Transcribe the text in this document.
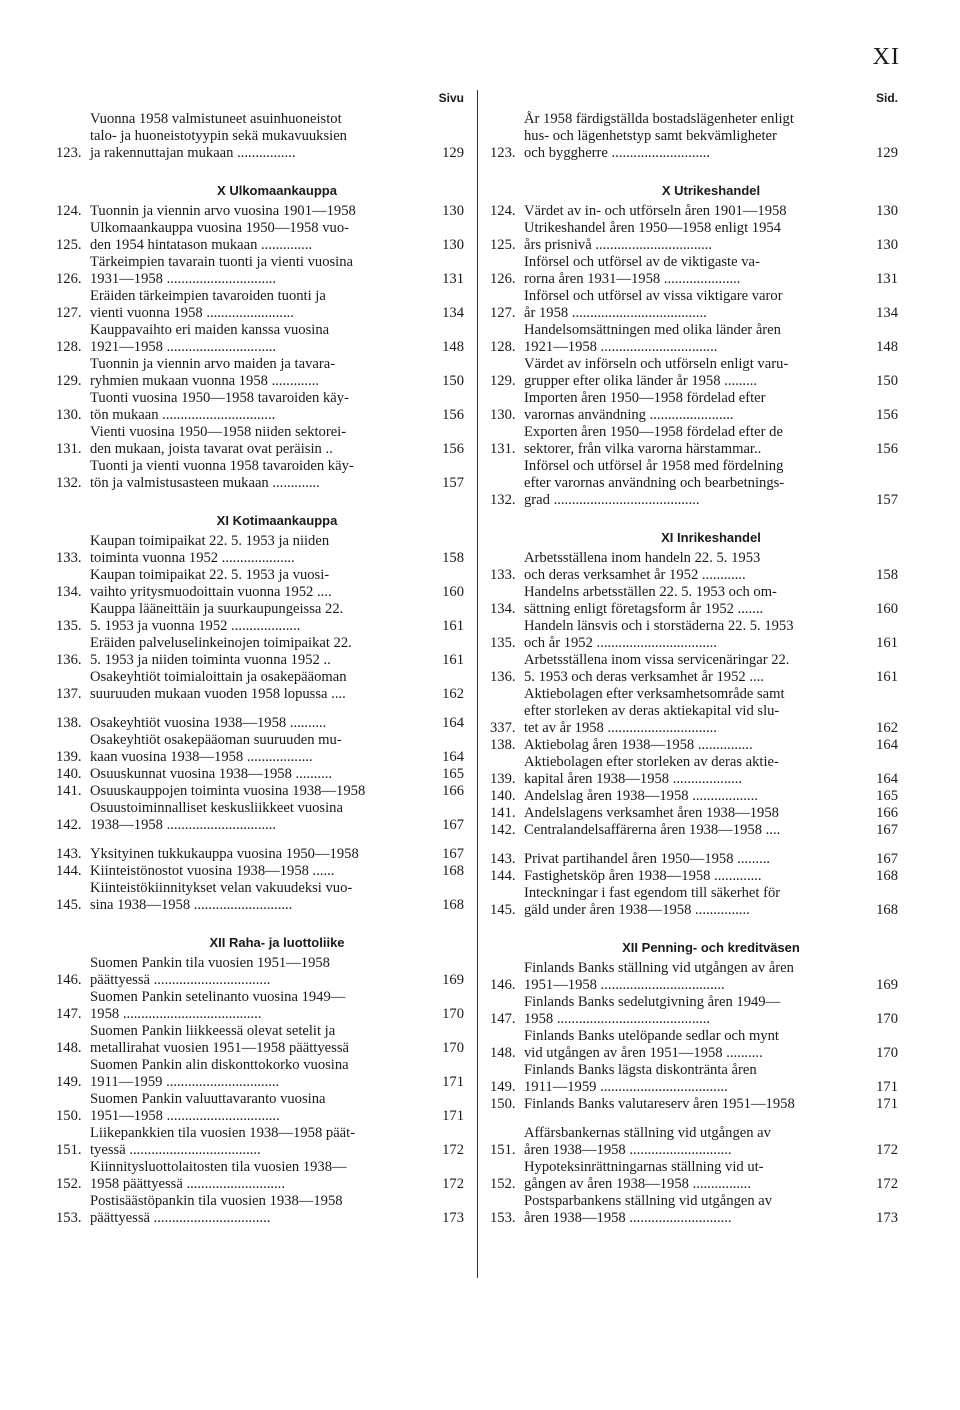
XI
Sivu
123.
Vuonna 1958 valmistuneet asuinhuoneistot
talo- ja huoneistotyypin sekä mukavuuksien
ja rakennuttajan mukaan ................	129
X Ulkomaankauppa
124. Tuonnin ja viennin arvo vuosina 1901—1958	130
125.
Ulkomaankauppa vuosina 1950—1958 vuo-
den 1954 hintatason mukaan ..............	130
126.
Tärkeimpien tavarain tuonti ja vienti vuosina
1931—1958 ..............................	131
127.
Eräiden tärkeimpien tavaroiden tuonti ja
vienti vuonna 1958 ........................	134
128.
Kauppavaihto eri maiden kanssa vuosina
1921—1958 ..............................	148
129.
Tuonnin ja viennin arvo maiden ja tavara-
ryhmien mukaan vuonna 1958 .............	150
130.
Tuonti vuosina 1950—1958 tavaroiden käy-
tön mukaan ...............................	156
131.
Vienti vuosina 1950—1958 niiden sektorei-
den mukaan, joista tavarat ovat peräisin ..	156
132.
Tuonti ja vienti vuonna 1958 tavaroiden käy-
tön ja valmistusasteen mukaan .............	157
XI Kotimaankauppa
133.
Kaupan toimipaikat 22. 5. 1953 ja niiden
toiminta vuonna 1952 ....................	158
134.
Kaupan toimipaikat 22. 5. 1953 ja vuosi-
vaihto yritysmuodoittain vuonna 1952 ....	160
135.
Kauppa lääneittäin ja suurkaupungeissa 22.
5. 1953 ja vuonna 1952 ...................	161
136.
Eräiden palveluselinkeinojen toimipaikat 22.
5. 1953 ja niiden toiminta vuonna 1952 ..	161
137.
Osakeyhtiöt toimialoittain ja osakepääoman
suuruuden mukaan vuoden 1958 lopussa ....	162
138. Osakeyhtiöt vuosina 1938—1958 ..........	164
139.
Osakeyhtiöt osakepääoman suuruuden mu-
kaan vuosina 1938—1958 ..................	164
140. Osuuskunnat vuosina 1938—1958 ..........	165
141. Osuuskauppojen toiminta vuosina 1938—1958	166
142.
Osuustoiminnalliset keskusliikkeet vuosina
1938—1958 ..............................	167
143. Yksityinen tukkukauppa vuosina 1950—1958	167
144. Kiinteistönostot vuosina 1938—1958 ......	168
145.
Kiinteistökiinnitykset velan vakuudeksi vuo-
sina 1938—1958 ...........................	168
XII Raha- ja luottoliike
146.
Suomen Pankin tila vuosien 1951—1958
päättyessä ................................	169
147.
Suomen Pankin setelinanto vuosina 1949—
1958 ......................................	170
148.
Suomen Pankin liikkeessä olevat setelit ja
metallirahat vuosien 1951—1958 päättyessä	170
149.
Suomen Pankin alin diskonttokorko vuosina
1911—1959 ...............................	171
150.
Suomen Pankin valuuttavaranto vuosina
1951—1958 ...............................	171
151.
Liikepankkien tila vuosien 1938—1958 päät-
tyessä ....................................	172
152.
Kiinnitysluottolaitosten tila vuosien 1938—
1958 päättyessä ...........................	172
153.
Postisäästöpankin tila vuosien 1938—1958
päättyessä ................................	173
Sid.
123.
År 1958 färdigställda bostadslägenheter enligt
hus- och lägenhetstyp samt bekvämligheter
och byggherre ...........................	129
X Utrikeshandel
124. Värdet av in- och utförseln åren 1901—1958	130
125.
Utrikeshandel åren 1950—1958 enligt 1954
års prisnivå ................................	130
126.
Införsel och utförsel av de viktigaste va-
rorna åren 1931—1958 .....................	131
127.
Införsel och utförsel av vissa viktigare varor
år 1958 .....................................	134
128.
Handelsomsättningen med olika länder åren
1921—1958 ................................	148
129.
Värdet av införseln och utförseln enligt varu-
grupper efter olika länder år 1958 .........	150
130.
Importen åren 1950—1958 fördelad efter
varornas användning .......................	156
131.
Exporten åren 1950—1958 fördelad efter de
sektorer, från vilka varorna härstammar..	156
132.
Införsel och utförsel år 1958 med fördelning
efter varornas användning och bearbetnings-
grad ........................................	157
XI Inrikeshandel
133.
Arbetsställena inom handeln 22. 5. 1953
och deras verksamhet år 1952 ............	158
134.
Handelns arbetsställen 22. 5. 1953 och om-
sättning enligt företagsform år 1952 .......	160
135.
Handeln länsvis och i storstäderna 22. 5. 1953
och år 1952 .................................	161
136.
Arbetsställena inom vissa servicenäringar 22.
5. 1953 och deras verksamhet år 1952 ....	161
337.
Aktiebolagen efter verksamhetsområde samt
efter storleken av deras aktiekapital vid slu-
tet av år 1958 ..............................	162
138. Aktiebolag åren 1938—1958 ...............	164
139.
Aktiebolagen efter storleken av deras aktie-
kapital åren 1938—1958 ...................	164
140. Andelslag åren 1938—1958 ..................	165
141. Andelslagens verksamhet åren 1938—1958	166
142. Centralandelsaffärerna åren 1938—1958 ....	167
143. Privat partihandel åren 1950—1958 .........	167
144. Fastighetsköp åren 1938—1958 .............	168
145.
Inteckningar i fast egendom till säkerhet för
gäld under åren 1938—1958 ...............	168
XII Penning- och kreditväsen
146.
Finlands Banks ställning vid utgången av åren
1951—1958 ..................................	169
147.
Finlands Banks sedelutgivning åren 1949—
1958 ..........................................	170
148.
Finlands Banks utelöpande sedlar och mynt
vid utgången av åren 1951—1958 ..........	170
149.
Finlands Banks lägsta diskontränta åren
1911—1959 ...................................	171
150. Finlands Banks valutareserv åren 1951—1958	171
151.
Affärsbankernas ställning vid utgången av
åren 1938—1958 ............................	172
152.
Hypoteksinrättningarnas ställning vid ut-
gången av åren 1938—1958 ................	172
153.
Postsparbankens ställning vid utgången av
åren 1938—1958 ............................	173
